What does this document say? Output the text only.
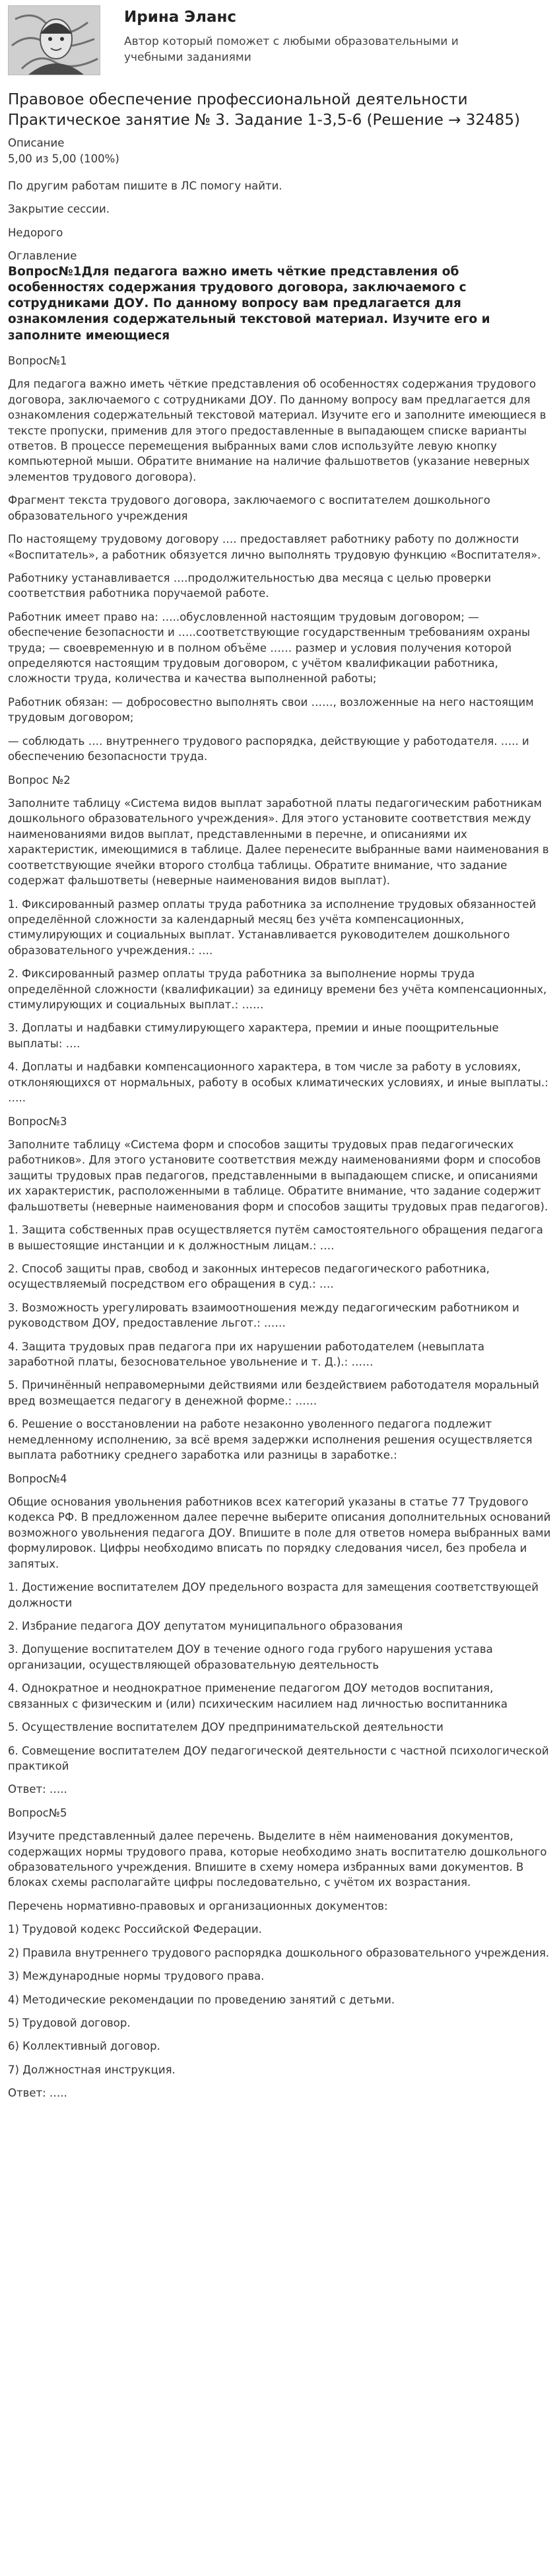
Ирина Эланс
Автор который поможет с любыми образовательными и учебными заданиями
Правовое обеспечение профессиональной деятельности Практическое занятие № 3. Задание 1-3,5-6 (Решение → 32485)
Описание
5,00 из 5,00 (100%)

По другим работам пишите в ЛС помогу найти.

Закрытие сессии.

Недорого

Оглавление
Вопрос№1Для педагога важно иметь чёткие представления об особенностях содержания трудового договора, заключаемого с сотрудниками ДОУ. По данному вопросу вам предлагается для ознакомления содержательный текстовой материал. Изучите его и заполните имеющиеся

Вопрос№1

Для педагога важно иметь чёткие представления об особенностях содержания трудового договора, заключаемого с сотрудниками ДОУ. По данному вопросу вам предлагается для ознакомления содержательный текстовой материал. Изучите его и заполните имеющиеся в тексте пропуски, применив для этого предоставленные в выпадающем списке варианты ответов. В процессе перемещения выбранных вами слов используйте левую кнопку компьютерной мыши. Обратите внимание на наличие фальшответов (указание неверных элементов трудового договора).

Фрагмент текста трудового договора, заключаемого с воспитателем дошкольного образовательного учреждения

По настоящему трудовому договору …. предоставляет работнику работу по должности «Воспитатель», а работник обязуется лично выполнять трудовую функцию «Воспитателя».

Работнику устанавливается ….продолжительностью два месяца с целью проверки соответствия работника поручаемой работе.

Работник имеет право на: …..обусловленной настоящим трудовым договором; — обеспечение безопасности и …..соответствующие государственным требованиям охраны труда; — своевременную и в полном объёме …… размер и условия получения которой определяются настоящим трудовым договором, с учётом квалификации работника, сложности труда, количества и качества выполненной работы;

Работник обязан: — добросовестно выполнять свои ……, возложенные на него настоящим трудовым договором;

— соблюдать …. внутреннего трудового распорядка, действующие у работодателя. ….. и обеспечению безопасности труда.

Вопрос №2

Заполните таблицу «Система видов выплат заработной платы педагогическим работникам дошкольного образовательного учреждения». Для этого установите соответствия между наименованиями видов выплат, представленными в перечне, и описаниями их характеристик, имеющимися в таблице. Далее перенесите выбранные вами наименования в соответствующие ячейки второго столбца таблицы. Обратите внимание, что задание содержат фальшответы (неверные наименования видов выплат).

1. Фиксированный размер оплаты труда работника за исполнение трудовых обязанностей определённой сложности за календарный месяц без учёта компенсационных, стимулирующих и социальных выплат. Устанавливается руководителем дошкольного образовательного учреждения.: ….

2. Фиксированный размер оплаты труда работника за выполнение нормы труда определённой сложности (квалификации) за единицу времени без учёта компенсационных, стимулирующих и социальных выплат.: ……

3. Доплаты и надбавки стимулирующего характера, премии и иные поощрительные выплаты: ….

4. Доплаты и надбавки компенсационного характера, в том числе за работу в условиях, отклоняющихся от нормальных, работу в особых климатических условиях, и иные выплаты.: …..

Вопрос№3

Заполните таблицу «Система форм и способов защиты трудовых прав педагогических работников». Для этого установите соответствия между наименованиями форм и способов защиты трудовых прав педагогов, представленными в выпадающем списке, и описаниями их характеристик, расположенными в таблице. Обратите внимание, что задание содержит фальшответы (неверные наименования форм и способов защиты трудовых прав педагогов).

1. Защита собственных прав осуществляется путём самостоятельного обращения педагога в вышестоящие инстанции и к должностным лицам.: ….

2. Способ защиты прав, свобод и законных интересов педагогического работника, осуществляемый посредством его обращения в суд.: ….

3. Возможность урегулировать взаимоотношения между педагогическим работником и руководством ДОУ, предоставление льгот.: ……

4. Защита трудовых прав педагога при их нарушении работодателем (невыплата заработной платы, безосновательное увольнение и т. Д.).: ……

5. Причинённый неправомерными действиями или бездействием работодателя моральный вред возмещается педагогу в денежной форме.: ……

6. Решение о восстановлении на работе незаконно уволенного педагога подлежит немедленному исполнению, за всё время задержки исполнения решения осуществляется выплата работнику среднего заработка или разницы в заработке.:

Вопрос№4

Общие основания увольнения работников всех категорий указаны в статье 77 Трудового кодекса РФ. В предложенном далее перечне выберите описания дополнительных оснований возможного увольнения педагога ДОУ. Впишите в поле для ответов номера выбранных вами формулировок. Цифры необходимо вписать по порядку следования чисел, без пробела и запятых.

1. Достижение воспитателем ДОУ предельного возраста для замещения соответствующей должности

2. Избрание педагога ДОУ депутатом муниципального образования

3. Допущение воспитателем ДОУ в течение одного года грубого нарушения устава организации, осуществляющей образовательную деятельность

4. Однократное и неоднократное применение педагогом ДОУ методов воспитания, связанных с физическим и (или) психическим насилием над личностью воспитанника

5. Осуществление воспитателем ДОУ предпринимательской деятельности

6. Совмещение воспитателем ДОУ педагогической деятельности с частной психологической практикой

Ответ: …..

Вопрос№5

Изучите представленный далее перечень. Выделите в нём наименования документов, содержащих нормы трудового права, которые необходимо знать воспитателю дошкольного образовательного учреждения. Впишите в схему номера избранных вами документов. В блоках схемы располагайте цифры последовательно, с учётом их возрастания.

Перечень нормативно-правовых и организационных документов:

1) Трудовой кодекс Российской Федерации.

2) Правила внутреннего трудового распорядка дошкольного образовательного учреждения.

3) Международные нормы трудового права.

4) Методические рекомендации по проведению занятий с детьми.

5) Трудовой договор.

6) Коллективный договор.

7) Должностная инструкция.

Ответ: …..
